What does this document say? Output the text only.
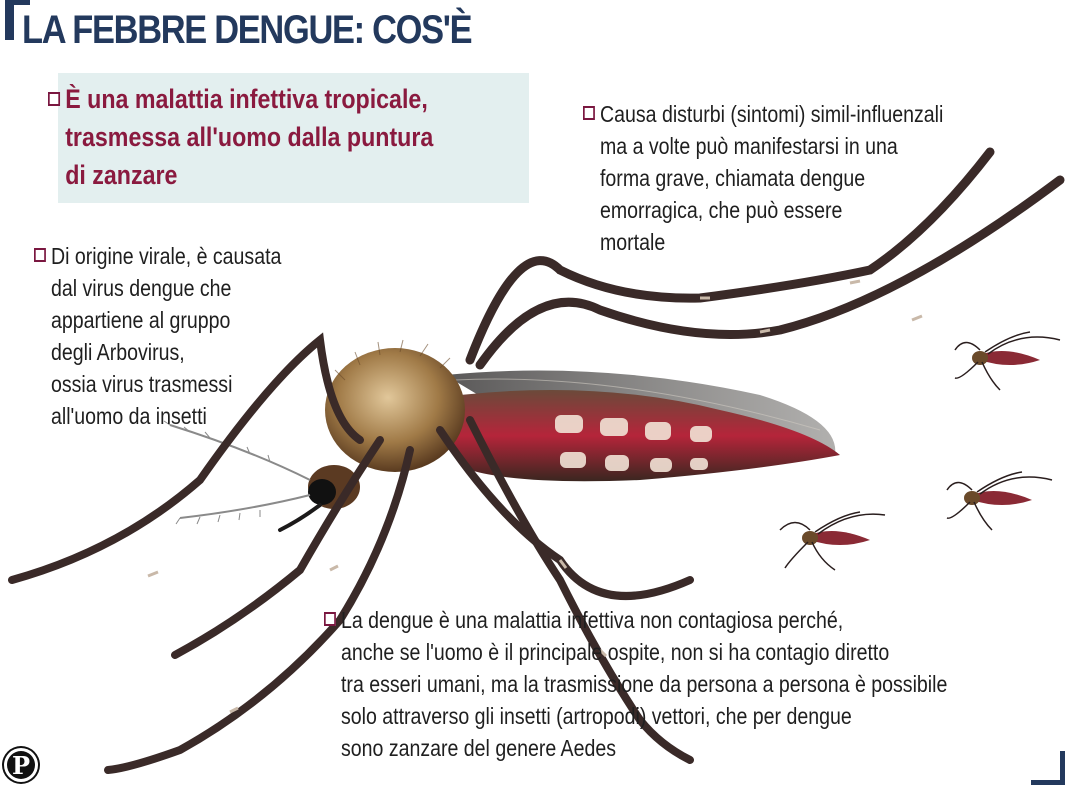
LA FEBBRE DENGUE: COS'È
È una malattia infettiva tropicale,
trasmessa all'uomo dalla puntura
di zanzare
Causa disturbi (sintomi) simil-influenzali
ma a volte può manifestarsi in una
forma grave, chiamata dengue
emorragica, che può essere
mortale
Di origine virale, è causata
dal virus dengue che
appartiene al gruppo
degli Arbovirus,
ossia virus trasmessi
all'uomo da insetti
La dengue è una malattia infettiva non contagiosa perché,
anche se l'uomo è il principale ospite, non si ha contagio diretto
tra esseri umani, ma la trasmissione da persona a persona è possibile
solo attraverso gli insetti (artropodi) vettori, che per dengue
sono zanzare del genere Aedes
P
